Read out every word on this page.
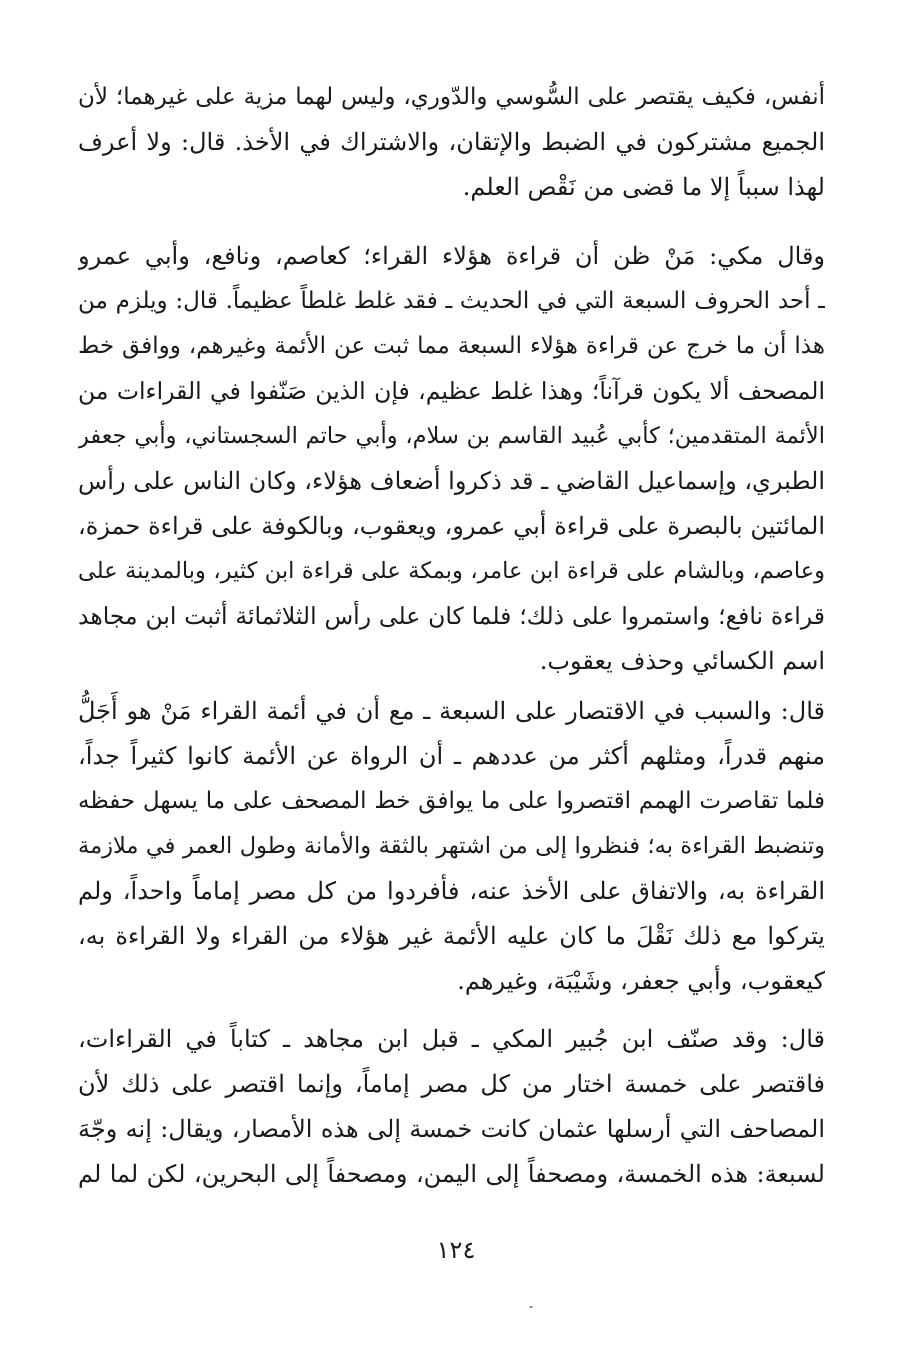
أنفس، فكيف يقتصر على السُّوسي والدّوري، وليس لهما مزية على غيرهما؛ لأن
الجميع مشتركون في الضبط والإتقان، والاشتراك في الأخذ. قال: ولا أعرف
لهذا سبباً إلا ما قضى من نَقْص العلم.
وقال مكي: مَنْ ظن أن قراءة هؤلاء القراء؛ كعاصم، ونافع، وأبي عمرو
ـ أحد الحروف السبعة التي في الحديث ـ فقد غلط غلطاً عظيماً. قال: ويلزم من
هذا أن ما خرج عن قراءة هؤلاء السبعة مما ثبت عن الأئمة وغيرهم، ووافق خط
المصحف ألا يكون قرآناً؛ وهذا غلط عظيم، فإن الذين صَنّفوا في القراءات من
الأئمة المتقدمين؛ كأبي عُبيد القاسم بن سلام، وأبي حاتم السجستاني، وأبي جعفر
الطبري، وإسماعيل القاضي ـ قد ذكروا أضعاف هؤلاء، وكان الناس على رأس
المائتين بالبصرة على قراءة أبي عمرو، ويعقوب، وبالكوفة على قراءة حمزة،
وعاصم، وبالشام على قراءة ابن عامر، وبمكة على قراءة ابن كثير، وبالمدينة على
قراءة نافع؛ واستمروا على ذلك؛ فلما كان على رأس الثلاثمائة أثبت ابن مجاهد
اسم الكسائي وحذف يعقوب.
قال: والسبب في الاقتصار على السبعة ـ مع أن في أئمة القراء مَنْ هو أَجَلُّ
منهم قدراً، ومثلهم أكثر من عددهم ـ أن الرواة عن الأئمة كانوا كثيراً جداً،
فلما تقاصرت الهمم اقتصروا على ما يوافق خط المصحف على ما يسهل حفظه
وتنضبط القراءة به؛ فنظروا إلى من اشتهر بالثقة والأمانة وطول العمر في ملازمة
القراءة به، والاتفاق على الأخذ عنه، فأفردوا من كل مصر إماماً واحداً، ولم
يتركوا مع ذلك نَقْلَ ما كان عليه الأئمة غير هؤلاء من القراء ولا القراءة به،
كيعقوب، وأبي جعفر، وشَيْبَة، وغيرهم.
قال: وقد صنّف ابن جُبير المكي ـ قبل ابن مجاهد ـ كتاباً في القراءات،
فاقتصر على خمسة اختار من كل مصر إماماً، وإنما اقتصر على ذلك لأن
المصاحف التي أرسلها عثمان كانت خمسة إلى هذه الأمصار، ويقال: إنه وجّهَ
لسبعة: هذه الخمسة، ومصحفاً إلى اليمن، ومصحفاً إلى البحرين، لكن لما لم
١٢٤
